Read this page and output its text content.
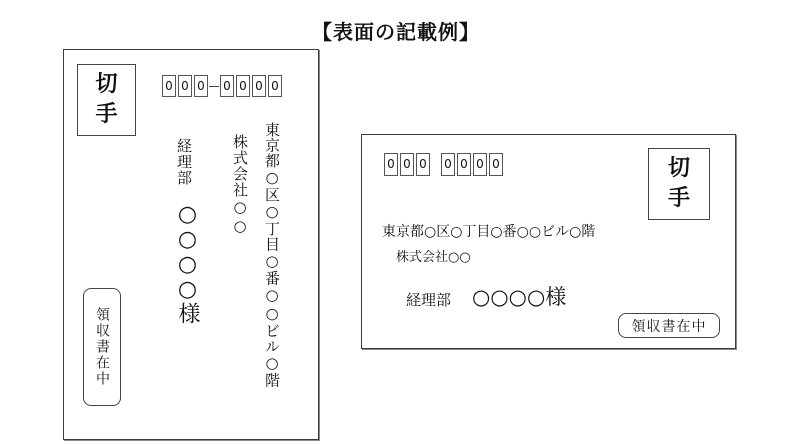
【表面の記載例】
切
手
0 0 0 0 0 0 0
東京都○区○丁目○番○○ビル○階
株式会社○○
経理部
○○○○様
領収書在中
切
手
0 0 0 0 0 0 0
東京都○区○丁目○番○○ビル○階
株式会社○○
経理部 ○○○○様
領収書在中
